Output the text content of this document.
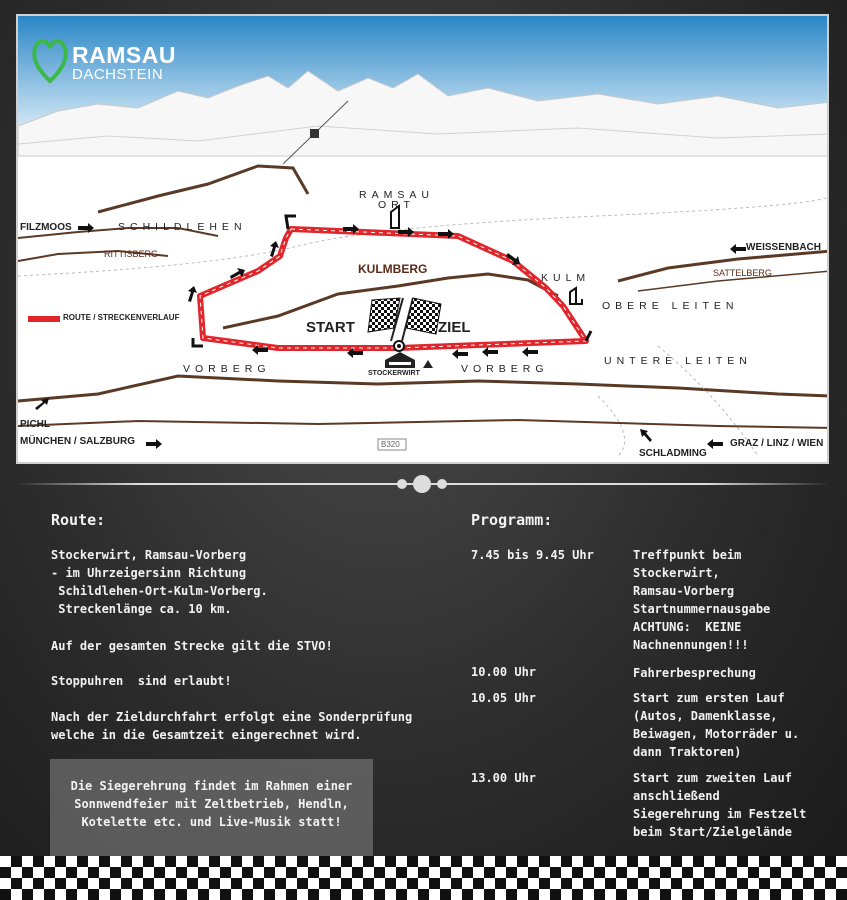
RAMSAU
DACHSTEIN
RAMSAU
ORT
SCHILDLEHEN
FILZMOOS
RITTISBERG
KULMBERG
KULM
WEISSENBACH
SATTELBERG
OBERE LEITEN
UNTERE LEITEN
VORBERG	VORBERG
STOCKERWIRT
START	ZIEL
ROUTE / STRECKENVERLAUF
PICHL
MÜNCHEN / SALZBURG	B320
SCHLADMING
GRAZ / LINZ / WIEN
Route:
Stockerwirt, Ramsau-Vorberg
- im Uhrzeigersinn Richtung
Schildlehen-Ort-Kulm-Vorberg.
Streckenlänge ca. 10 km.
Auf der gesamten Strecke gilt die STVO!
Stoppuhren  sind erlaubt!
Nach der Zieldurchfahrt erfolgt eine Sonderprüfung
welche in die Gesamtzeit eingerechnet wird.
Die Siegerehrung findet im Rahmen einer Sonnwendfeier mit Zeltbetrieb, Hendln, Kotelette etc. und Live-Musik statt!
Programm:
7.45 bis 9.45 Uhr	Treffpunkt beim
Stockerwirt,
Ramsau-Vorberg
Startnummernausgabe
ACHTUNG:  KEINE
Nachnennungen!!!
10.00 Uhr	Fahrerbesprechung
10.05 Uhr	Start zum ersten Lauf
(Autos, Damenklasse,
Beiwagen, Motorräder u.
dann Traktoren)
13.00 Uhr	Start zum zweiten Lauf
anschließend
Siegerehrung im Festzelt
beim Start/Zielgelände
